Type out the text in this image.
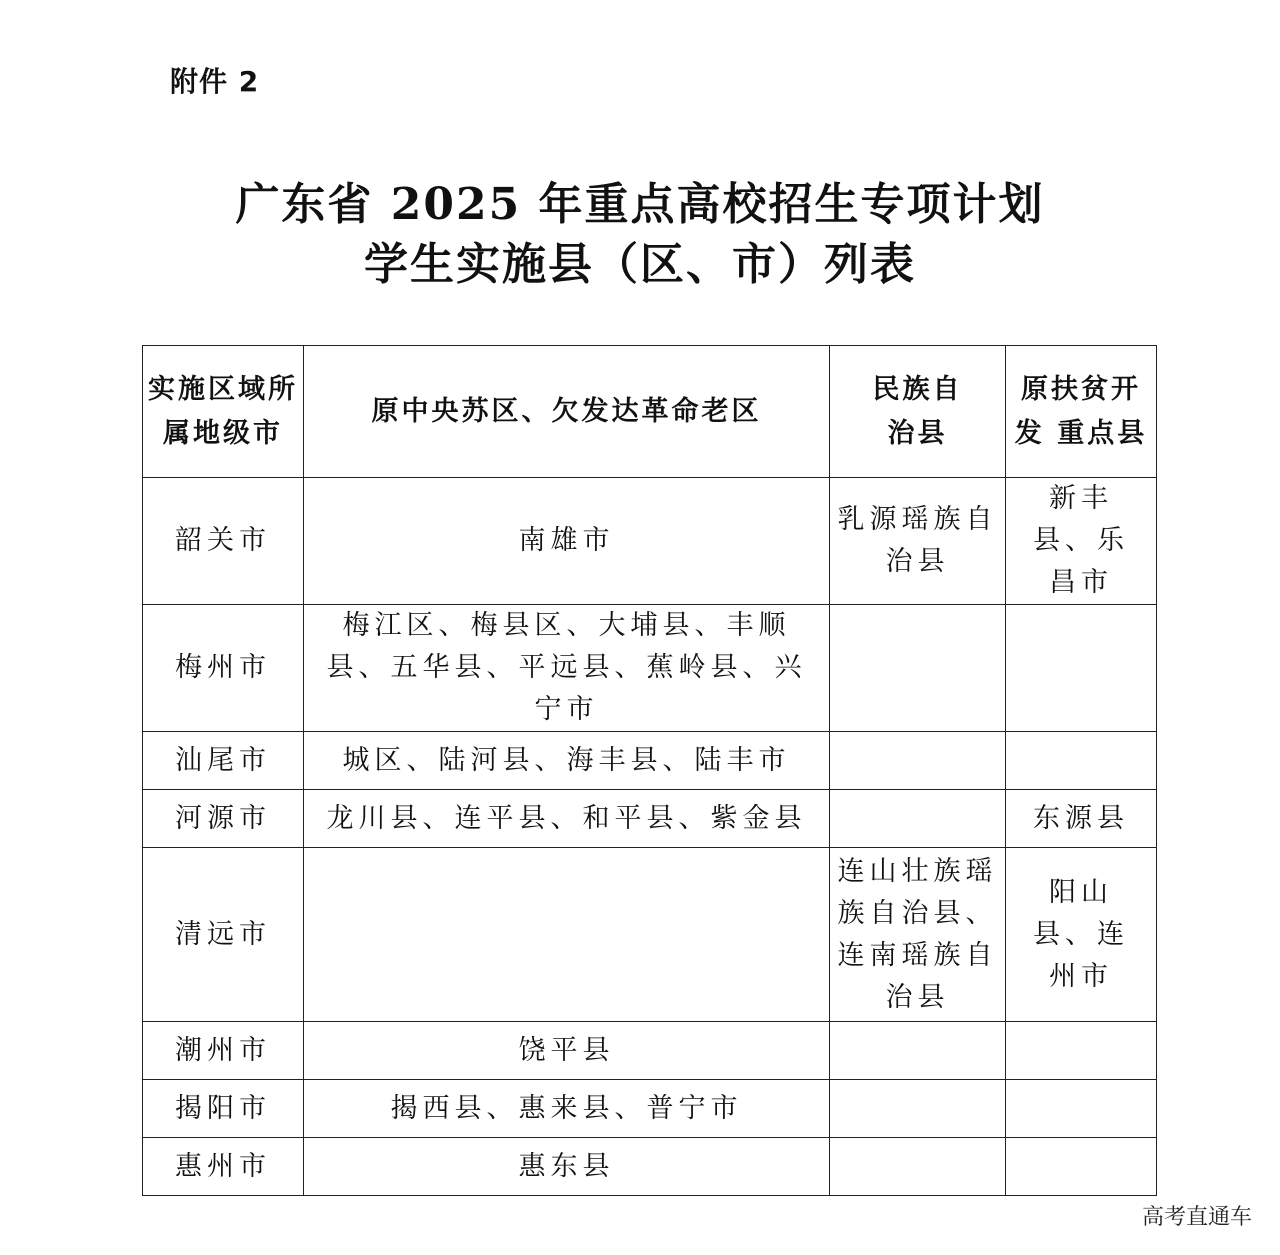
附件 2
广东省 2025 年重点高校招生专项计划
学生实施县（区、市）列表
实施区域所属地级市	原中央苏区、欠发达革命老区	民族自治县	原扶贫开发 重点县
韶关市	南雄市	乳源瑶族自治县	新丰县、乐昌市
梅州市	梅江区、梅县区、大埔县、丰顺县、五华县、平远县、蕉岭县、兴宁市		
汕尾市	城区、陆河县、海丰县、陆丰市		
河源市	龙川县、连平县、和平县、紫金县		东源县
清远市		连山壮族瑶族自治县、连南瑶族自治县	阳山县、连州市
潮州市	饶平县		
揭阳市	揭西县、惠来县、普宁市		
惠州市	惠东县		
高考直通车
